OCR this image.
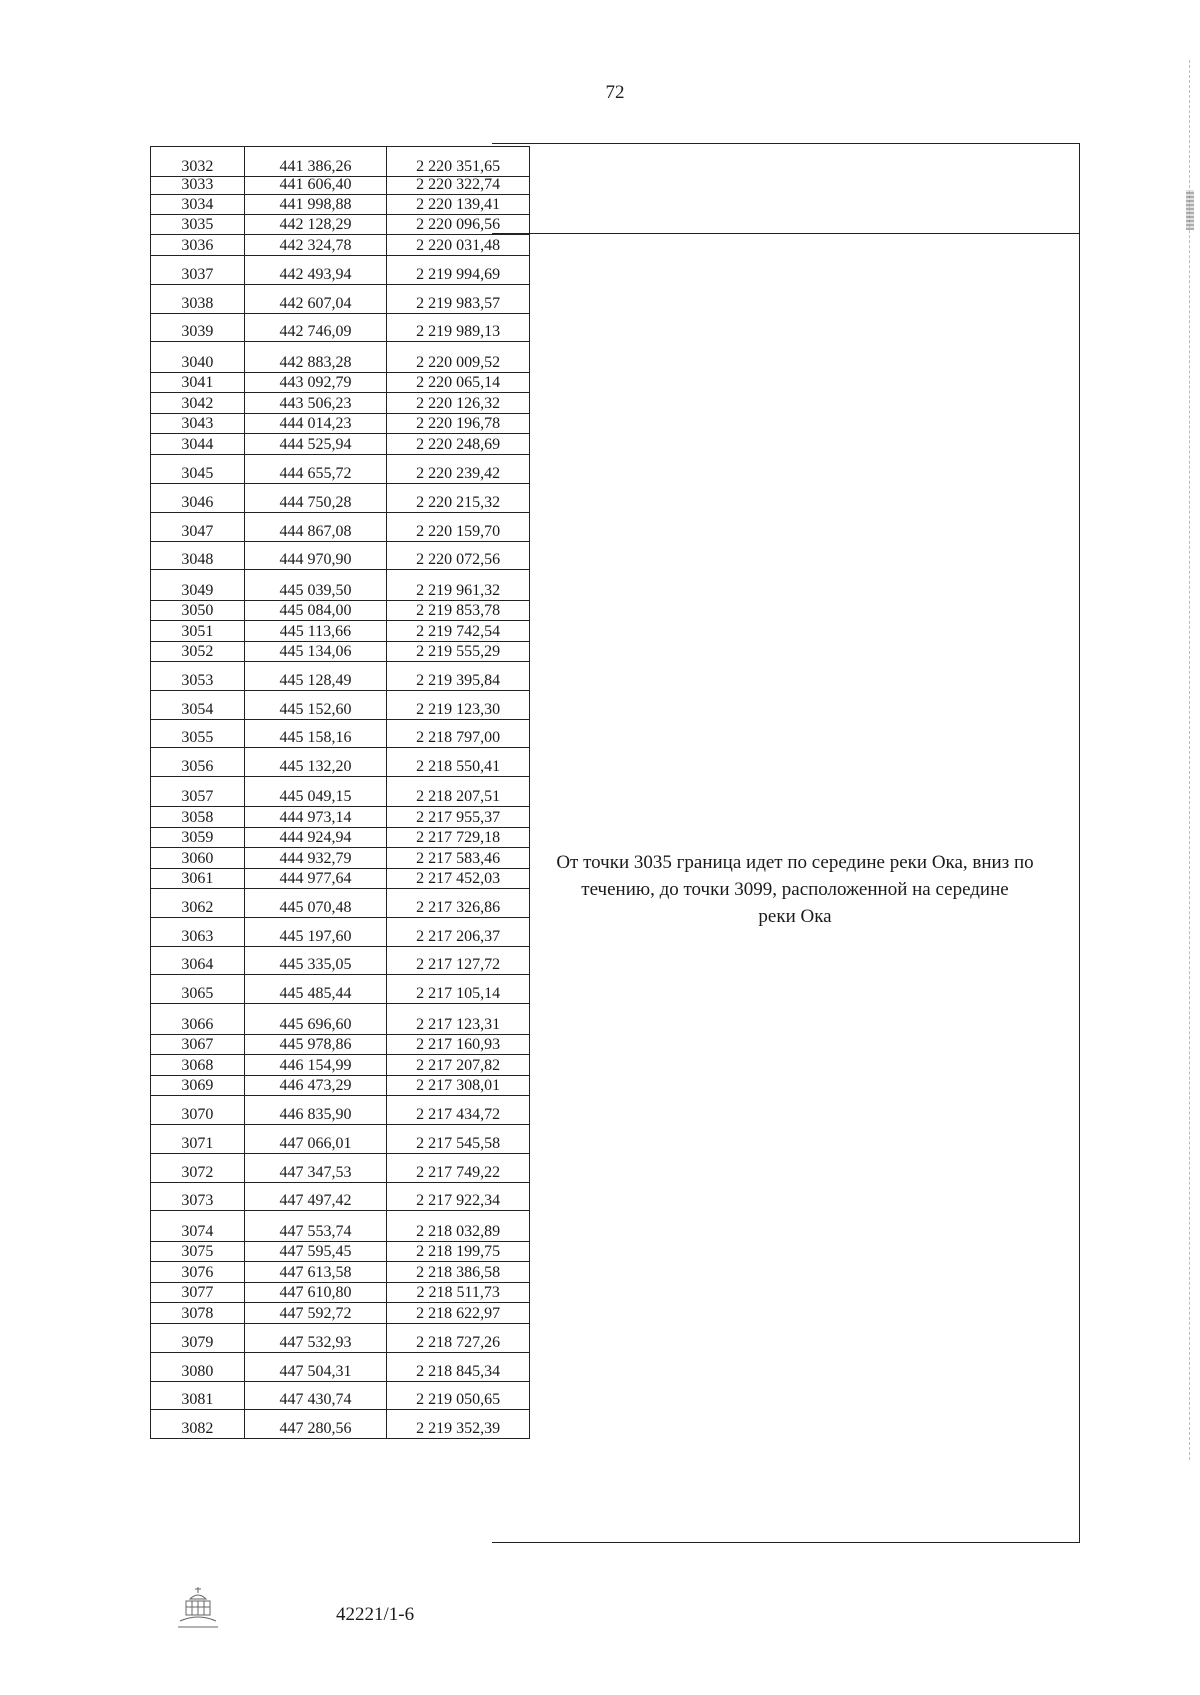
72
3032	441 386,26	2 220 351,65
3033	441 606,40	2 220 322,74
3034	441 998,88	2 220 139,41
3035	442 128,29	2 220 096,56
3036	442 324,78	2 220 031,48
3037	442 493,94	2 219 994,69
3038	442 607,04	2 219 983,57
3039	442 746,09	2 219 989,13
3040	442 883,28	2 220 009,52
3041	443 092,79	2 220 065,14
3042	443 506,23	2 220 126,32
3043	444 014,23	2 220 196,78
3044	444 525,94	2 220 248,69
3045	444 655,72	2 220 239,42
3046	444 750,28	2 220 215,32
3047	444 867,08	2 220 159,70
3048	444 970,90	2 220 072,56
3049	445 039,50	2 219 961,32
3050	445 084,00	2 219 853,78
3051	445 113,66	2 219 742,54
3052	445 134,06	2 219 555,29
3053	445 128,49	2 219 395,84
3054	445 152,60	2 219 123,30
3055	445 158,16	2 218 797,00
3056	445 132,20	2 218 550,41
3057	445 049,15	2 218 207,51
3058	444 973,14	2 217 955,37
3059	444 924,94	2 217 729,18
3060	444 932,79	2 217 583,46
3061	444 977,64	2 217 452,03
3062	445 070,48	2 217 326,86
3063	445 197,60	2 217 206,37
3064	445 335,05	2 217 127,72
3065	445 485,44	2 217 105,14
3066	445 696,60	2 217 123,31
3067	445 978,86	2 217 160,93
3068	446 154,99	2 217 207,82
3069	446 473,29	2 217 308,01
3070	446 835,90	2 217 434,72
3071	447 066,01	2 217 545,58
3072	447 347,53	2 217 749,22
3073	447 497,42	2 217 922,34
3074	447 553,74	2 218 032,89
3075	447 595,45	2 218 199,75
3076	447 613,58	2 218 386,58
3077	447 610,80	2 218 511,73
3078	447 592,72	2 218 622,97
3079	447 532,93	2 218 727,26
3080	447 504,31	2 218 845,34
3081	447 430,74	2 219 050,65
3082	447 280,56	2 219 352,39
От точки 3035 граница идет по середине реки Ока, вниз по
течению, до точки 3099, расположенной на середине
реки Ока
42221/1-6
